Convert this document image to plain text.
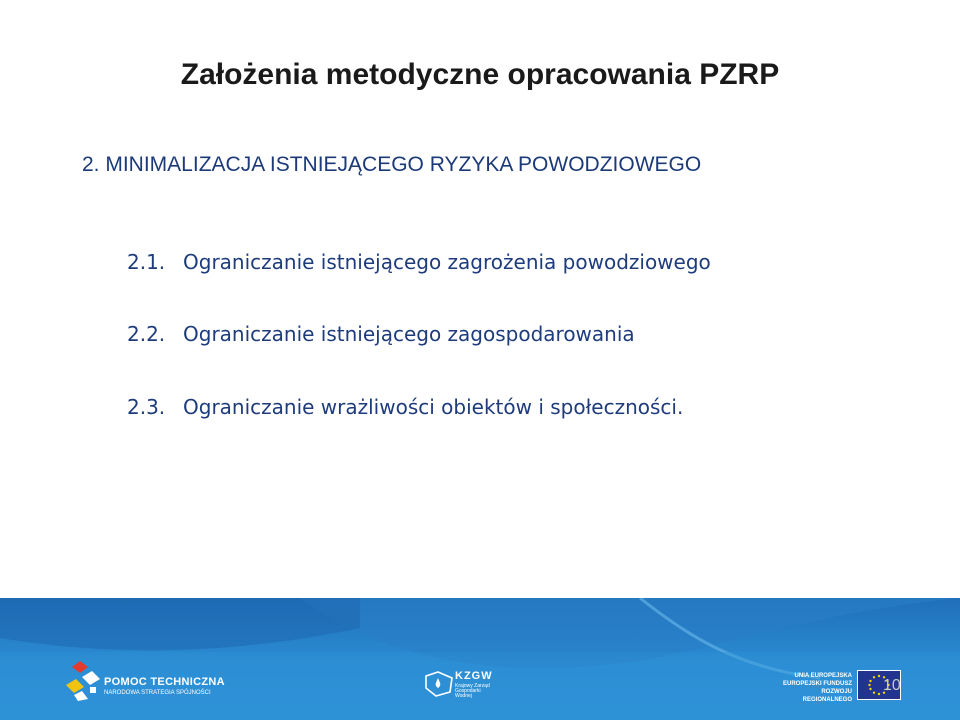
Założenia metodyczne opracowania PZRP
2. MINIMALIZACJA ISTNIEJĄCEGO RYZYKA POWODZIOWEGO
2.1. Ograniczanie istniejącego zagrożenia powodziowego
2.2. Ograniczanie istniejącego zagospodarowania
2.3. Ograniczanie wrażliwości obiektów i społeczności.
POMOC TECHNICZNA
NARODOWA STRATEGIA SPÓJNOŚCI
KZGW
Krajowy Zarząd Gospodarki Wodnej
UNIA EUROPEJSKA
EUROPEJSKI FUNDUSZ
ROZWOJU REGIONALNEGO
10
